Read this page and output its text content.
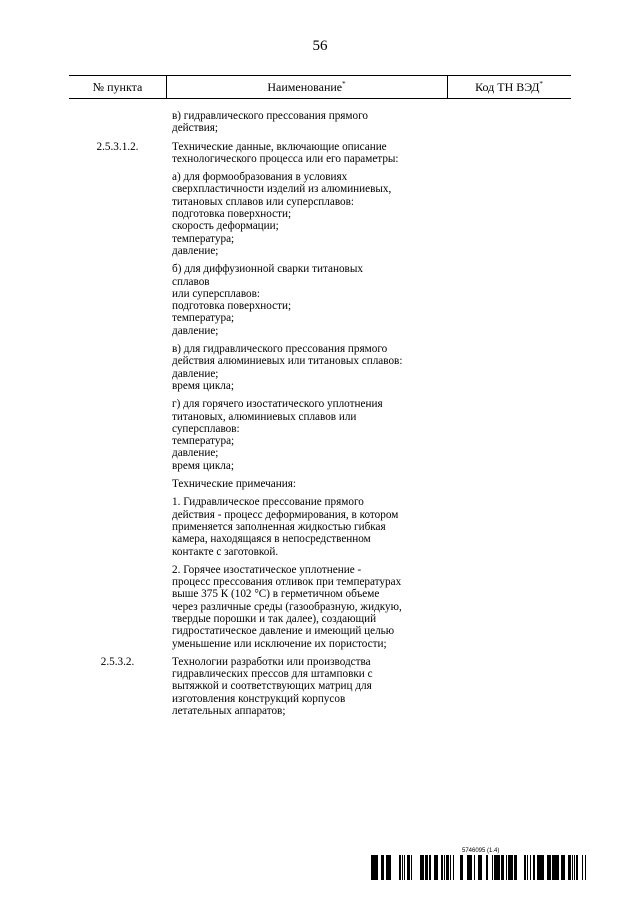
56
№ пункта	Наименование*	Код ТН ВЭД*
в) гидравлического прессования прямого
действия;
2.5.3.1.2.	Технические данные, включающие описание
технологического процесса или его параметры:
а) для формообразования в условиях
сверхпластичности изделий из алюминиевых,
титановых сплавов или суперсплавов:
подготовка поверхности;
скорость деформации;
температура;
давление;
б) для диффузионной сварки титановых
сплавов
или суперсплавов:
подготовка поверхности;
температура;
давление;
в) для гидравлического прессования прямого
действия алюминиевых или титановых сплавов:
давление;
время цикла;
г) для горячего изостатического уплотнения
титановых, алюминиевых сплавов или
суперсплавов:
температура;
давление;
время цикла;
Технические примечания:
1. Гидравлическое прессование прямого
действия - процесс деформирования, в котором
применяется заполненная жидкостью гибкая
камера, находящаяся в непосредственном
контакте с заготовкой.
2. Горячее изостатическое уплотнение -
процесс прессования отливок при температурах
выше 375 К (102 °С) в герметичном объеме
через различные среды (газообразную, жидкую,
твердые порошки и так далее), создающий
гидростатическое давление и имеющий целью
уменьшение или исключение их пористости;
2.5.3.2.	Технологии разработки или производства
гидравлических прессов для штамповки с
вытяжкой и соответствующих матриц для
изготовления конструкций корпусов
летательных аппаратов;
5746095 (1.4)
